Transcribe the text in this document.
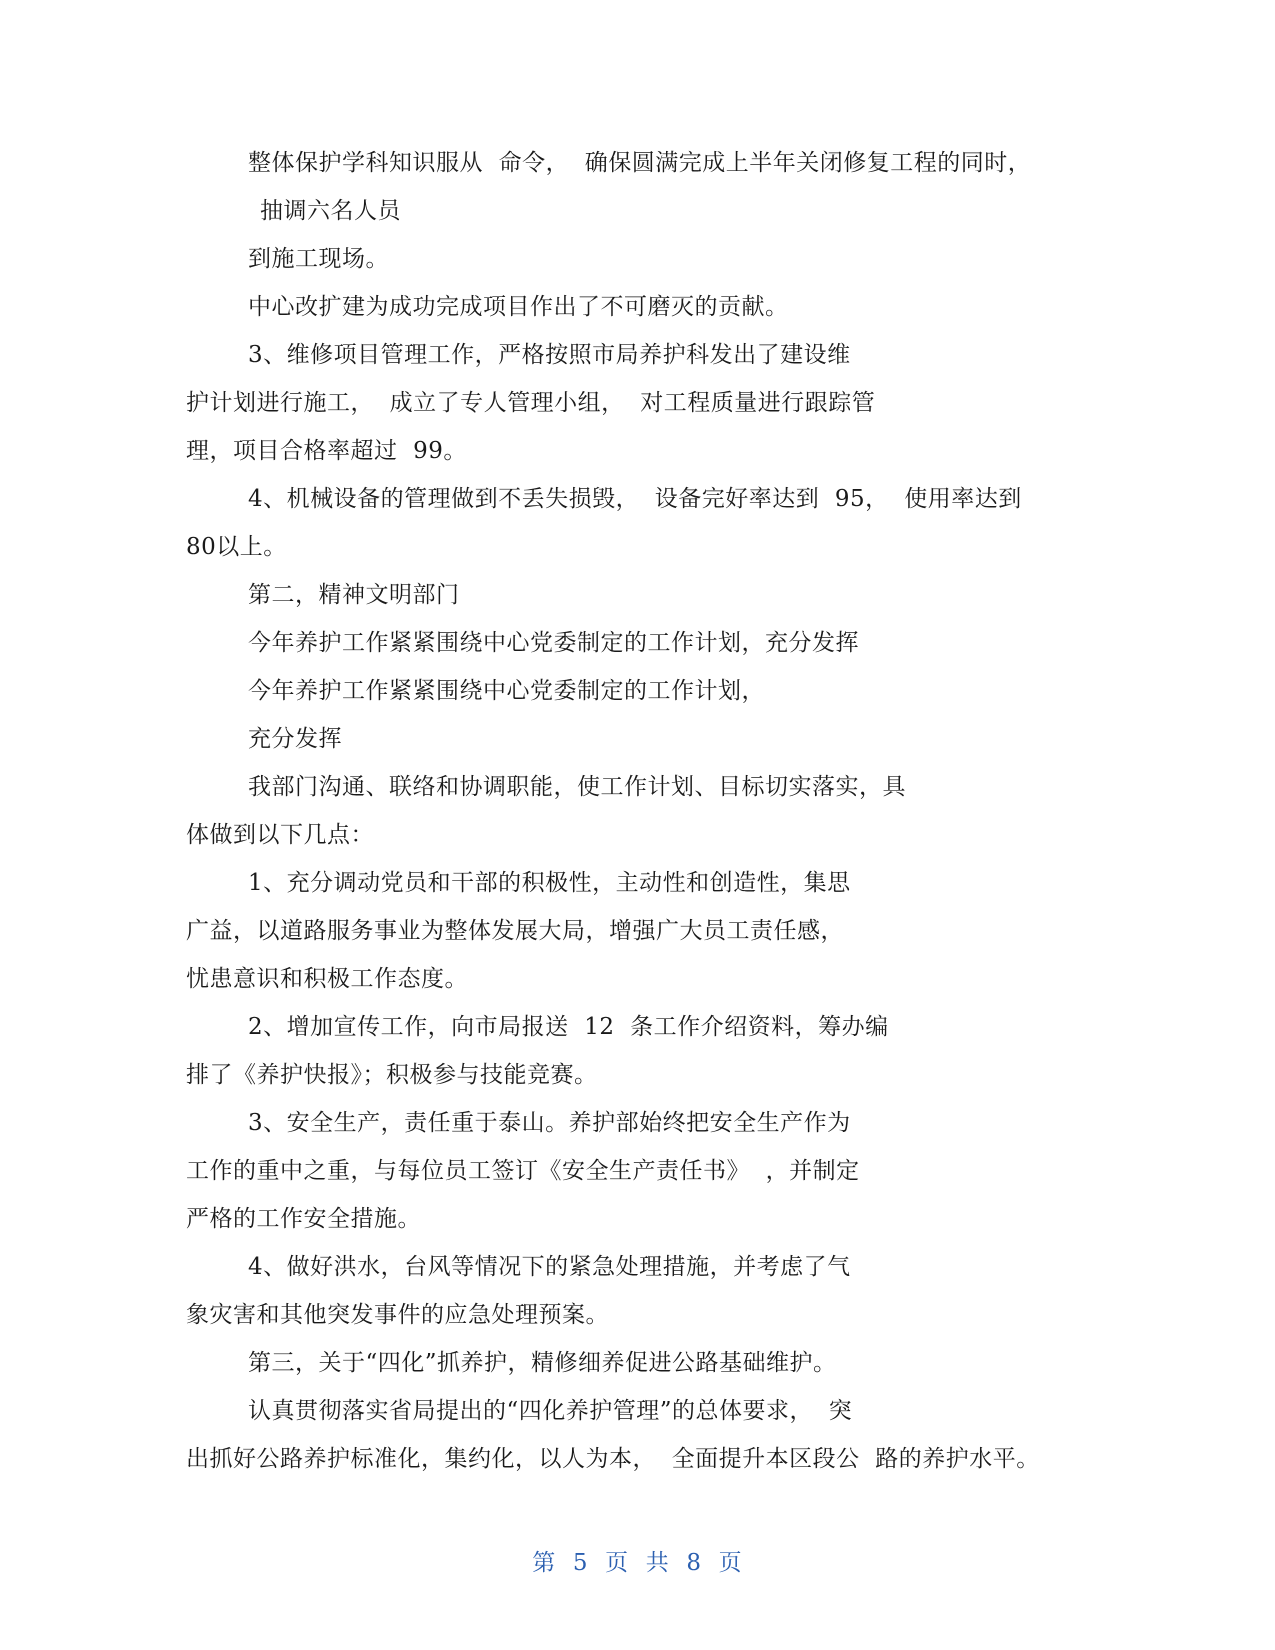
整体保护学科知识服从  命令，  确保圆满完成上半年关闭修复工程的同时，
抽调六名人员
到施工现场。
中心改扩建为成功完成项目作出了不可磨灭的贡献。
3、维修项目管理工作，严格按照市局养护科发出了建设维
护计划进行施工，  成立了专人管理小组，  对工程质量进行跟踪管
理，项目合格率超过  99。
4、机械设备的管理做到不丢失损毁，  设备完好率达到  95，  使用率达到
80以上。
第二，精神文明部门
今年养护工作紧紧围绕中心党委制定的工作计划，充分发挥
今年养护工作紧紧围绕中心党委制定的工作计划，
充分发挥
我部门沟通、联络和协调职能，使工作计划、目标切实落实，具
体做到以下几点：
1、充分调动党员和干部的积极性，主动性和创造性，集思
广益，以道路服务事业为整体发展大局，增强广大员工责任感，
忧患意识和积极工作态度。
2、增加宣传工作，向市局报送  12  条工作介绍资料，筹办编
排了《养护快报》；积极参与技能竞赛。
3、安全生产，责任重于泰山。养护部始终把安全生产作为
工作的重中之重，与每位员工签订《安全生产责任书》  ，并制定
严格的工作安全措施。
4、做好洪水，台风等情况下的紧急处理措施，并考虑了气
象灾害和其他突发事件的应急处理预案。
第三，关于“四化”抓养护，精修细养促进公路基础维护。
认真贯彻落实省局提出的“四化养护管理”的总体要求，  突
出抓好公路养护标准化，集约化，以人为本，  全面提升本区段公  路的养护水平。
第  5  页  共  8  页
